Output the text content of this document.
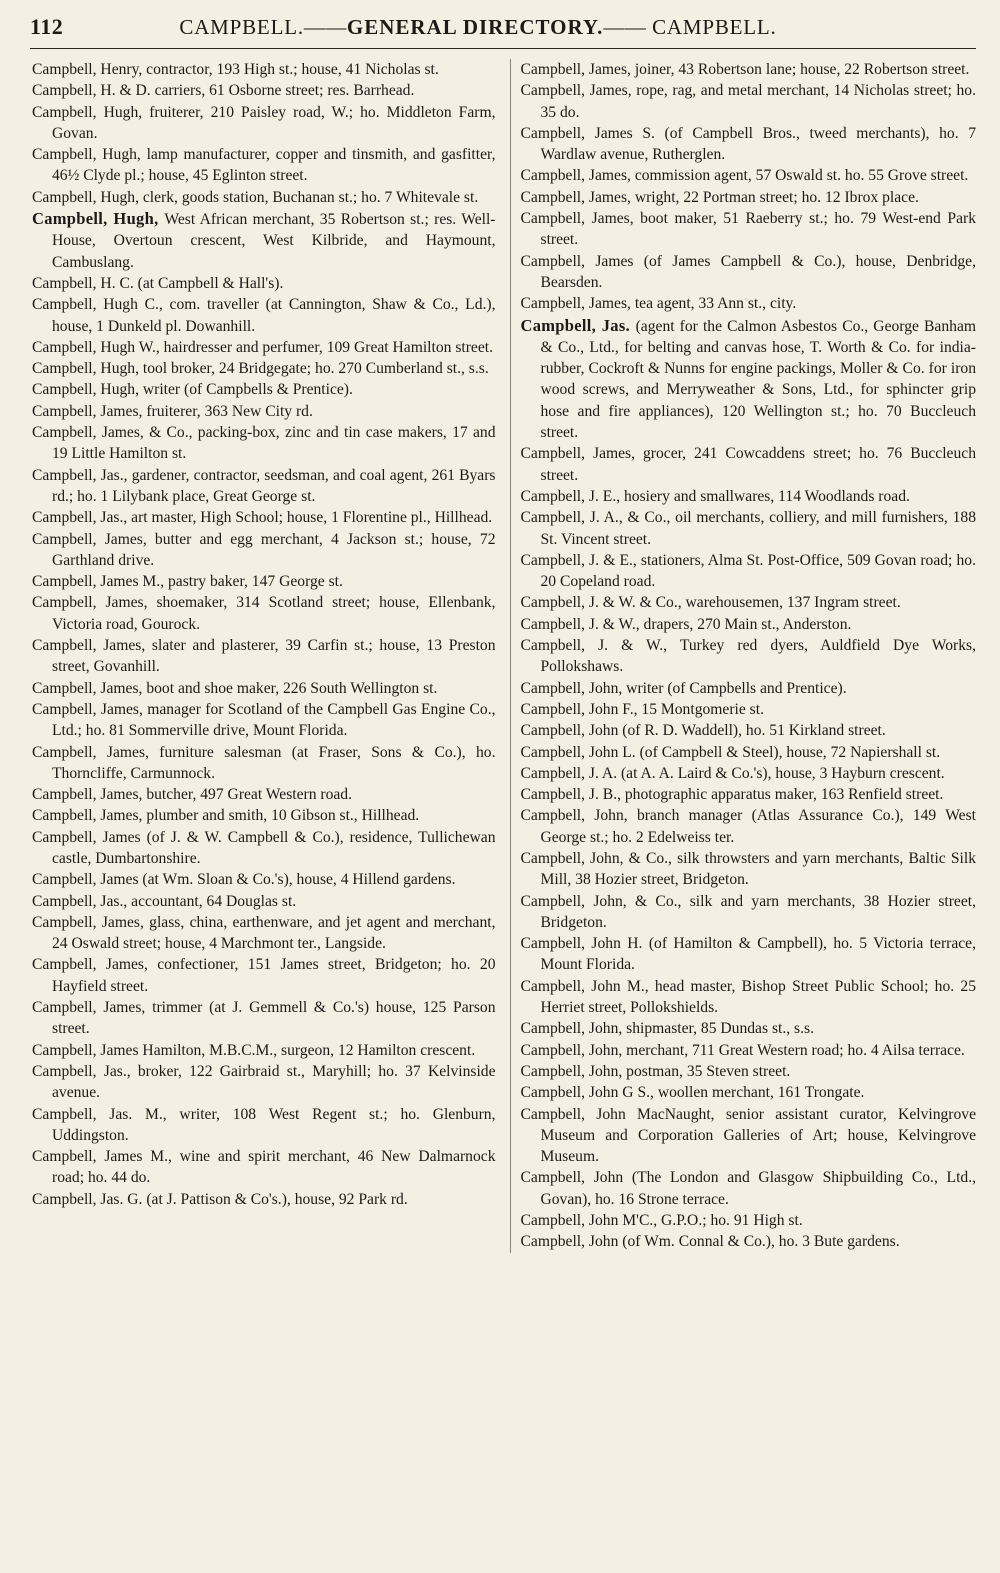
112	CAMPBELL.——GENERAL DIRECTORY.—— CAMPBELL.

Campbell, Henry, contractor, 193 High st.; house, 41 Nicholas st.

Campbell, H. & D. carriers, 61 Osborne street; res. Barrhead.

Campbell, Hugh, fruiterer, 210 Paisley road, W.; ho. Middleton Farm, Govan.

Campbell, Hugh, lamp manufacturer, copper and tinsmith, and gasfitter, 46½ Clyde pl.; house, 45 Eglinton street.

Campbell, Hugh, clerk, goods station, Buchanan st.; ho. 7 Whitevale st.

Campbell, Hugh, West African merchant, 35 Robertson st.; res. Well-House, Overtoun crescent, West Kilbride, and Haymount, Cambuslang.

Campbell, H. C. (at Campbell & Hall's).

Campbell, Hugh C., com. traveller (at Cannington, Shaw & Co., Ld.), house, 1 Dunkeld pl. Dowanhill.

Campbell, Hugh W., hairdresser and perfumer, 109 Great Hamilton street.

Campbell, Hugh, tool broker, 24 Bridgegate; ho. 270 Cumberland st., s.s.

Campbell, Hugh, writer (of Campbells & Prentice).

Campbell, James, fruiterer, 363 New City rd.

Campbell, James, & Co., packing-box, zinc and tin case makers, 17 and 19 Little Hamilton st.

Campbell, Jas., gardener, contractor, seedsman, and coal agent, 261 Byars rd.; ho. 1 Lilybank place, Great George st.

Campbell, Jas., art master, High School; house, 1 Florentine pl., Hillhead.

Campbell, James, butter and egg merchant, 4 Jackson st.; house, 72 Garthland drive.

Campbell, James M., pastry baker, 147 George st.

Campbell, James, shoemaker, 314 Scotland street; house, Ellenbank, Victoria road, Gourock.

Campbell, James, slater and plasterer, 39 Carfin st.; house, 13 Preston street, Govanhill.

Campbell, James, boot and shoe maker, 226 South Wellington st.

Campbell, James, manager for Scotland of the Campbell Gas Engine Co., Ltd.; ho. 81 Sommerville drive, Mount Florida.

Campbell, James, furniture salesman (at Fraser, Sons & Co.), ho. Thorncliffe, Carmunnock.

Campbell, James, butcher, 497 Great Western road.

Campbell, James, plumber and smith, 10 Gibson st., Hillhead.

Campbell, James (of J. & W. Campbell & Co.), residence, Tullichewan castle, Dumbartonshire.

Campbell, James (at Wm. Sloan & Co.'s), house, 4 Hillend gardens.

Campbell, Jas., accountant, 64 Douglas st.

Campbell, James, glass, china, earthenware, and jet agent and merchant, 24 Oswald street; house, 4 Marchmont ter., Langside.

Campbell, James, confectioner, 151 James street, Bridgeton; ho. 20 Hayfield street.

Campbell, James, trimmer (at J. Gemmell & Co.'s) house, 125 Parson street.

Campbell, James Hamilton, M.B.C.M., surgeon, 12 Hamilton crescent.

Campbell, Jas., broker, 122 Gairbraid st., Maryhill; ho. 37 Kelvinside avenue.

Campbell, Jas. M., writer, 108 West Regent st.; ho. Glenburn, Uddingston.

Campbell, James M., wine and spirit merchant, 46 New Dalmarnock road; ho. 44 do.

Campbell, Jas. G. (at J. Pattison & Co's.), house, 92 Park rd.

Campbell, James, joiner, 43 Robertson lane; house, 22 Robertson street.

Campbell, James, rope, rag, and metal merchant, 14 Nicholas street; ho. 35 do.

Campbell, James S. (of Campbell Bros., tweed merchants), ho. 7 Wardlaw avenue, Rutherglen.

Campbell, James, commission agent, 57 Oswald st. ho. 55 Grove street.

Campbell, James, wright, 22 Portman street; ho. 12 Ibrox place.

Campbell, James, boot maker, 51 Raeberry st.; ho. 79 West-end Park street.

Campbell, James (of James Campbell & Co.), house, Denbridge, Bearsden.

Campbell, James, tea agent, 33 Ann st., city.

Campbell, Jas. (agent for the Calmon Asbestos Co., George Banham & Co., Ltd., for belting and canvas hose, T. Worth & Co. for india-rubber, Cockroft & Nunns for engine packings, Moller & Co. for iron wood screws, and Merryweather & Sons, Ltd., for sphincter grip hose and fire appliances), 120 Wellington st.; ho. 70 Buccleuch street.

Campbell, James, grocer, 241 Cowcaddens street; ho. 76 Buccleuch street.

Campbell, J. E., hosiery and smallwares, 114 Woodlands road.

Campbell, J. A., & Co., oil merchants, colliery, and mill furnishers, 188 St. Vincent street.

Campbell, J. & E., stationers, Alma St. Post-Office, 509 Govan road; ho. 20 Copeland road.

Campbell, J. & W. & Co., warehousemen, 137 Ingram street.

Campbell, J. & W., drapers, 270 Main st., Anderston.

Campbell, J. & W., Turkey red dyers, Auldfield Dye Works, Pollokshaws.

Campbell, John, writer (of Campbells and Prentice).

Campbell, John F., 15 Montgomerie st.

Campbell, John (of R. D. Waddell), ho. 51 Kirkland street.

Campbell, John L. (of Campbell & Steel), house, 72 Napiershall st.

Campbell, J. A. (at A. A. Laird & Co.'s), house, 3 Hayburn crescent.

Campbell, J. B., photographic apparatus maker, 163 Renfield street.

Campbell, John, branch manager (Atlas Assurance Co.), 149 West George st.; ho. 2 Edelweiss ter.

Campbell, John, & Co., silk throwsters and yarn merchants, Baltic Silk Mill, 38 Hozier street, Bridgeton.

Campbell, John, & Co., silk and yarn merchants, 38 Hozier street, Bridgeton.

Campbell, John H. (of Hamilton & Campbell), ho. 5 Victoria terrace, Mount Florida.

Campbell, John M., head master, Bishop Street Public School; ho. 25 Herriet street, Pollokshields.

Campbell, John, shipmaster, 85 Dundas st., s.s.

Campbell, John, merchant, 711 Great Western road; ho. 4 Ailsa terrace.

Campbell, John, postman, 35 Steven street.

Campbell, John G S., woollen merchant, 161 Trongate.

Campbell, John MacNaught, senior assistant curator, Kelvingrove Museum and Corporation Galleries of Art; house, Kelvingrove Museum.

Campbell, John (The London and Glasgow Shipbuilding Co., Ltd., Govan), ho. 16 Strone terrace.

Campbell, John M'C., G.P.O.; ho. 91 High st.

Campbell, John (of Wm. Connal & Co.), ho. 3 Bute gardens.
